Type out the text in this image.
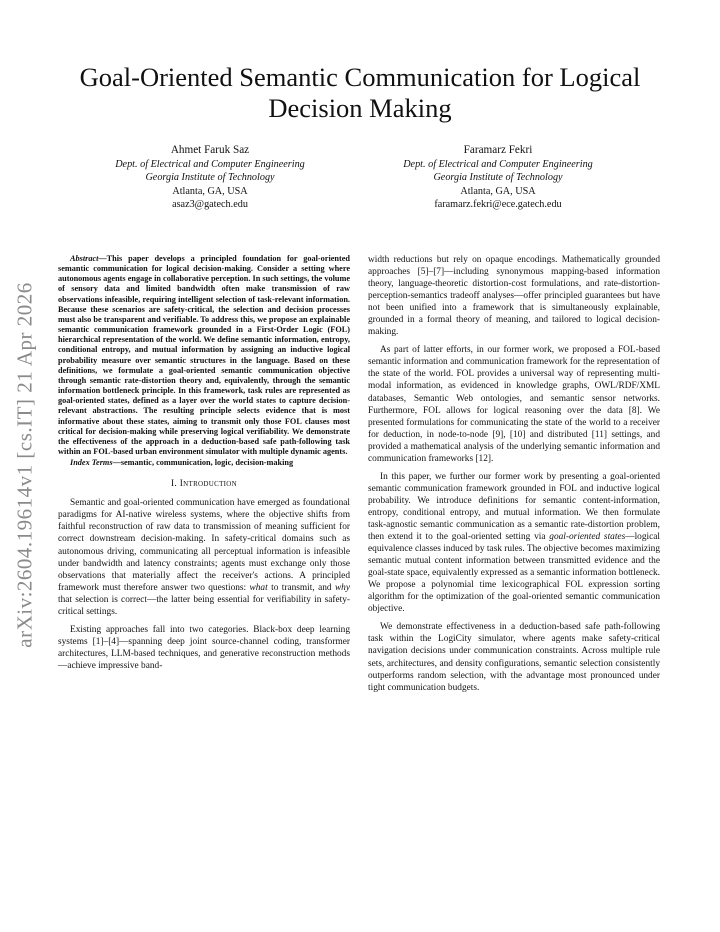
arXiv:2604.19614v1 [cs.IT] 21 Apr 2026
Goal-Oriented Semantic Communication for Logical Decision Making
Ahmet Faruk Saz
Dept. of Electrical and Computer Engineering
Georgia Institute of Technology
Atlanta, GA, USA
asaz3@gatech.edu
Faramarz Fekri
Dept. of Electrical and Computer Engineering
Georgia Institute of Technology
Atlanta, GA, USA
faramarz.fekri@ece.gatech.edu

Abstract—This paper develops a principled foundation for goal-oriented semantic communication for logical decision-making. Consider a setting where autonomous agents engage in collaborative perception. In such settings, the volume of sensory data and limited bandwidth often make transmission of raw observations infeasible, requiring intelligent selection of task-relevant information. Because these scenarios are safety-critical, the selection and decision processes must also be transparent and verifiable. To address this, we propose an explainable semantic communication framework grounded in a First-Order Logic (FOL) hierarchical representation of the world. We define semantic information, entropy, conditional entropy, and mutual information by assigning an inductive logical probability measure over semantic structures in the language. Based on these definitions, we formulate a goal-oriented semantic communication objective through semantic rate-distortion theory and, equivalently, through the semantic information bottleneck principle. In this framework, task rules are represented as goal-oriented states, defined as a layer over the world states to capture decision-relevant abstractions. The resulting principle selects evidence that is most informative about these states, aiming to transmit only those FOL clauses most critical for decision-making while preserving logical verifiability. We demonstrate the effectiveness of the approach in a deduction-based safe path-following task within an FOL-based urban environment simulator with multiple dynamic agents.

Index Terms—semantic, communication, logic, decision-making

I. Introduction

Semantic and goal-oriented communication have emerged as foundational paradigms for AI-native wireless systems, where the objective shifts from faithful reconstruction of raw data to transmission of meaning sufficient for correct downstream decision-making. In safety-critical domains such as autonomous driving, communicating all perceptual information is infeasible under bandwidth and latency constraints; agents must exchange only those observations that materially affect the receiver's actions. A principled framework must therefore answer two questions: what to transmit, and why that selection is correct—the latter being essential for verifiability in safety-critical settings.

Existing approaches fall into two categories. Black-box deep learning systems [1]–[4]—spanning deep joint source-channel coding, transformer architectures, LLM-based techniques, and generative reconstruction methods—achieve impressive band-

width reductions but rely on opaque encodings. Mathematically grounded approaches [5]–[7]—including synonymous mapping-based information theory, language-theoretic distortion-cost formulations, and rate-distortion-perception-semantics tradeoff analyses—offer principled guarantees but have not been unified into a framework that is simultaneously explainable, grounded in a formal theory of meaning, and tailored to logical decision-making.

As part of latter efforts, in our former work, we proposed a FOL-based semantic information and communication framework for the representation of the state of the world. FOL provides a universal way of representing multi-modal information, as evidenced in knowledge graphs, OWL/RDF/XML databases, Semantic Web ontologies, and semantic sensor networks. Furthermore, FOL allows for logical reasoning over the data [8]. We presented formulations for communicating the state of the world to a receiver for deduction, in node-to-node [9], [10] and distributed [11] settings, and provided a mathematical analysis of the underlying semantic information and communication frameworks [12].

In this paper, we further our former work by presenting a goal-oriented semantic communication framework grounded in FOL and inductive logical probability. We introduce definitions for semantic content-information, entropy, conditional entropy, and mutual information. We then formulate task-agnostic semantic communication as a semantic rate-distortion problem, then extend it to the goal-oriented setting via goal-oriented states—logical equivalence classes induced by task rules. The objective becomes maximizing semantic mutual content information between transmitted evidence and the goal-state space, equivalently expressed as a semantic information bottleneck. We propose a polynomial time lexicographical FOL expression sorting algorithm for the optimization of the goal-oriented semantic communication objective.

We demonstrate effectiveness in a deduction-based safe path-following task within the LogiCity simulator, where agents make safety-critical navigation decisions under communication constraints. Across multiple rule sets, architectures, and density configurations, semantic selection consistently outperforms random selection, with the advantage most pronounced under tight communication budgets.
